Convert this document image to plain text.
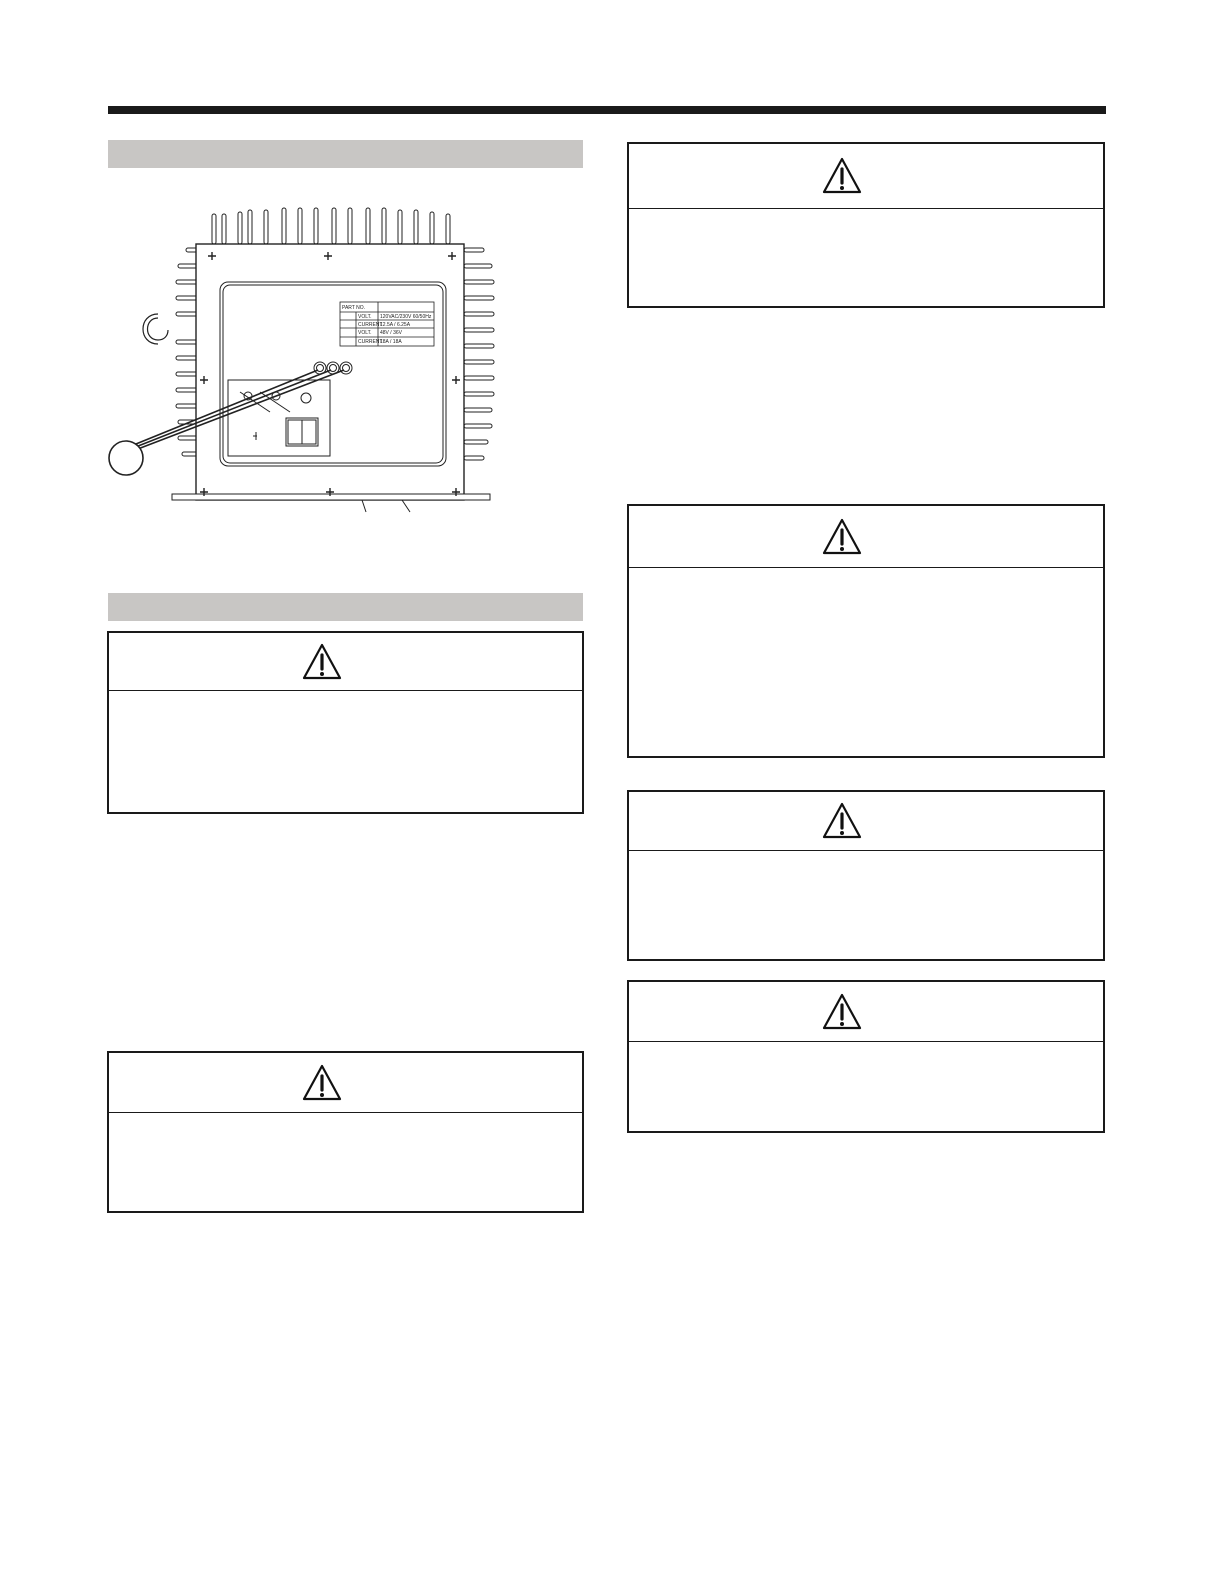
PART NO.
VOLT. 120VAC/230V 60/50Hz
CURRENT
12.5A / 6.25A
VOLT. 48V / 36V
CURRENT
18A / 18A
